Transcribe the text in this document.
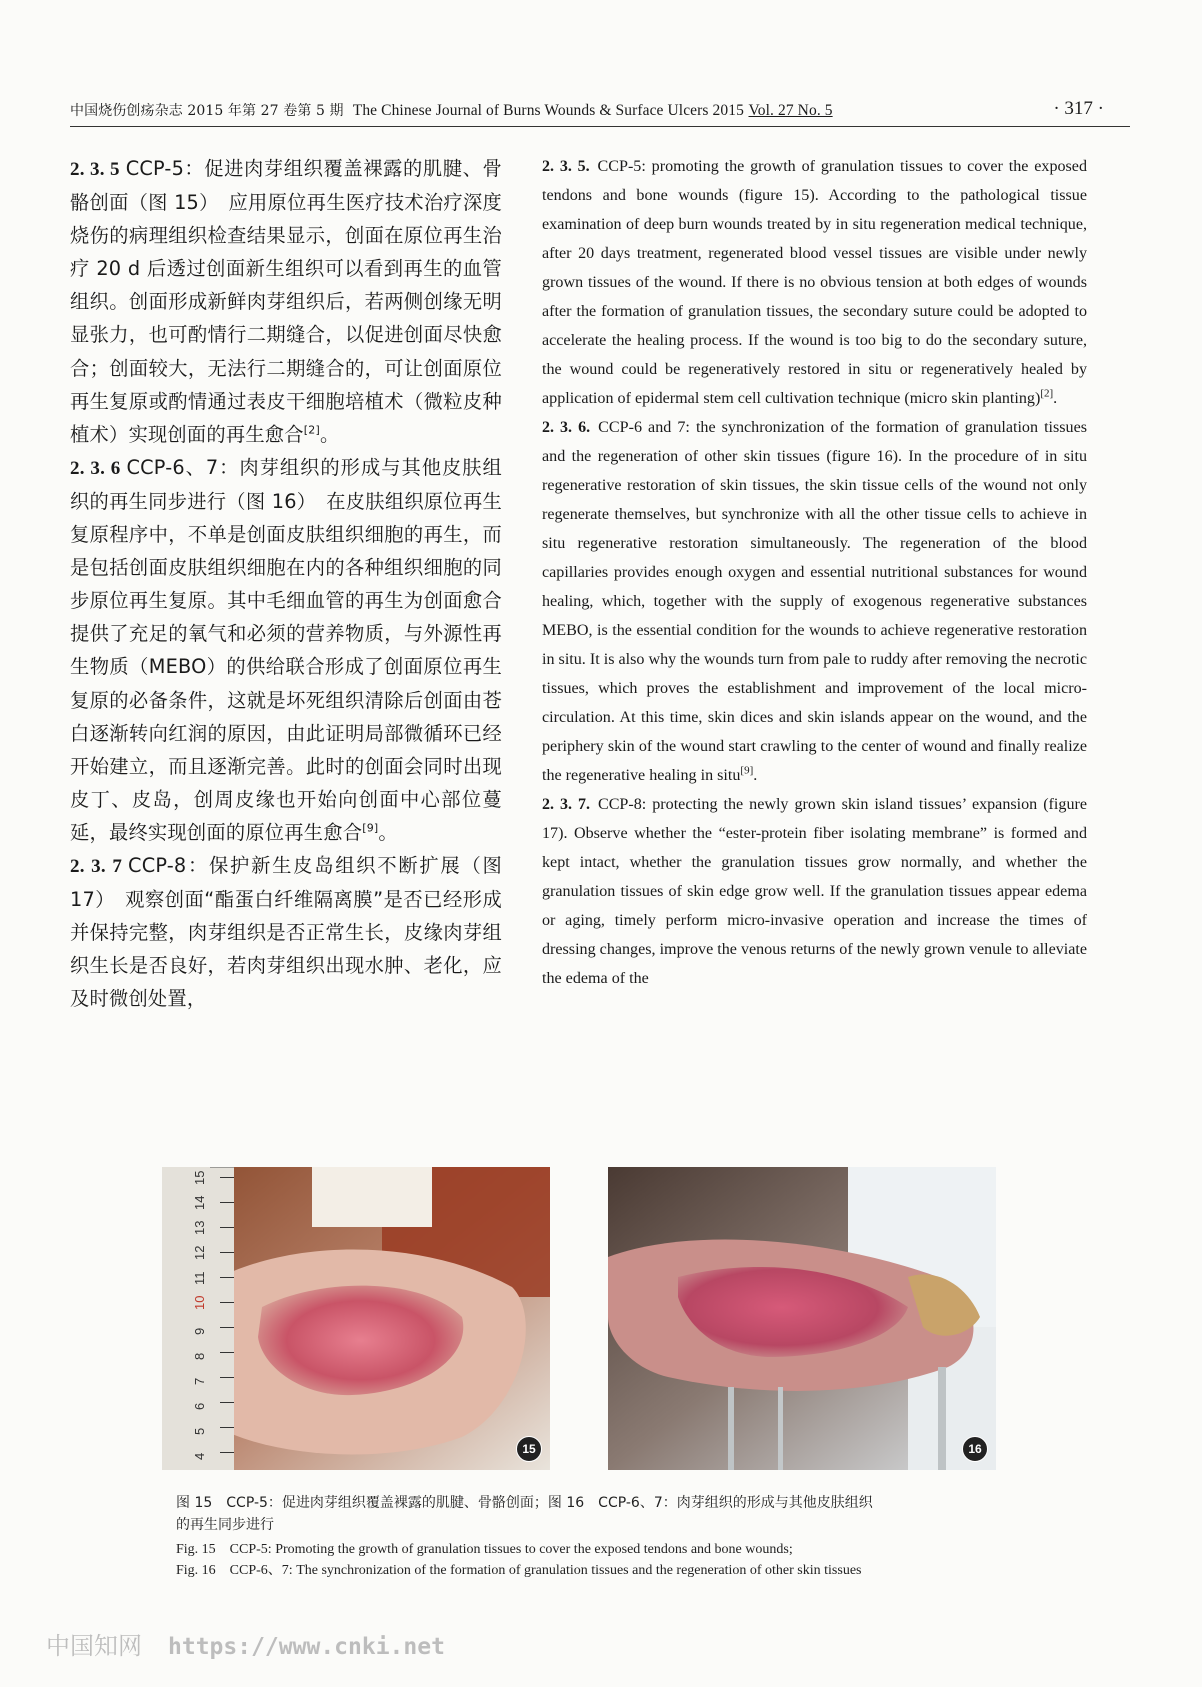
中国烧伤创疡杂志 2015 年第 27 卷第 5 期 The Chinese Journal of Burns Wounds & Surface Ulcers 2015 Vol. 27 No. 5	· 317 ·

2. 3. 5 CCP-5：促进肉芽组织覆盖裸露的肌腱、骨骼创面（图 15）　应用原位再生医疗技术治疗深度烧伤的病理组织检查结果显示，创面在原位再生治疗 20 d 后透过创面新生组织可以看到再生的血管组织。创面形成新鲜肉芽组织后，若两侧创缘无明显张力，也可酌情行二期缝合，以促进创面尽快愈合；创面较大，无法行二期缝合的，可让创面原位再生复原或酌情通过表皮干细胞培植术（微粒皮种植术）实现创面的再生愈合[2]。

2. 3. 6 CCP-6、7：肉芽组织的形成与其他皮肤组织的再生同步进行（图 16）　在皮肤组织原位再生复原程序中，不单是创面皮肤组织细胞的再生，而是包括创面皮肤组织细胞在内的各种组织细胞的同步原位再生复原。其中毛细血管的再生为创面愈合提供了充足的氧气和必须的营养物质，与外源性再生物质（MEBO）的供给联合形成了创面原位再生复原的必备条件，这就是坏死组织清除后创面由苍白逐渐转向红润的原因，由此证明局部微循环已经开始建立，而且逐渐完善。此时的创面会同时出现皮丁、皮岛，创周皮缘也开始向创面中心部位蔓延，最终实现创面的原位再生愈合[9]。

2. 3. 7 CCP-8：保护新生皮岛组织不断扩展（图 17）　观察创面“酯蛋白纤维隔离膜”是否已经形成并保持完整，肉芽组织是否正常生长，皮缘肉芽组织生长是否良好，若肉芽组织出现水肿、老化，应及时微创处置，

2. 3. 5. CCP-5: promoting the growth of granulation tissues to cover the exposed tendons and bone wounds (figure 15). According to the pathological tissue examination of deep burn wounds treated by in situ regeneration medical technique, after 20 days treatment, regenerated blood vessel tissues are visible under newly grown tissues of the wound. If there is no obvious tension at both edges of wounds after the formation of granulation tissues, the secondary suture could be adopted to accelerate the healing process. If the wound is too big to do the secondary suture, the wound could be regeneratively restored in situ or regeneratively healed by application of epidermal stem cell cultivation technique (micro skin planting)[2].

2. 3. 6. CCP-6 and 7: the synchronization of the formation of granulation tissues and the regeneration of other skin tissues (figure 16). In the procedure of in situ regenerative restoration of skin tissues, the skin tissue cells of the wound not only regenerate themselves, but synchronize with all the other tissue cells to achieve in situ regenerative restoration simultaneously. The regeneration of the blood capillaries provides enough oxygen and essential nutritional substances for wound healing, which, together with the supply of exogenous regenerative substances MEBO, is the essential condition for the wounds to achieve regenerative restoration in situ. It is also why the wounds turn from pale to ruddy after removing the necrotic tissues, which proves the establishment and improvement of the local micro-circulation. At this time, skin dices and skin islands appear on the wound, and the periphery skin of the wound start crawling to the center of wound and finally realize the regenerative healing in situ[9].

2. 3. 7. CCP-8: protecting the newly grown skin island tissues’ expansion (figure 17). Observe whether the “ester-protein fiber isolating membrane” is formed and kept intact, whether the granulation tissues grow normally, and whether the granulation tissues of skin edge grow well. If the granulation tissues appear edema or aging, timely perform micro-invasive operation and increase the times of dressing changes, improve the venous returns of the newly grown venule to alleviate the edema of the

15
14
13
12
11
10
9
8
7
6
5
4
15	16
图 15　CCP-5：促进肉芽组织覆盖裸露的肌腱、骨骼创面；图 16　CCP-6、7：肉芽组织的形成与其他皮肤组织
的再生同步进行
Fig. 15　CCP-5: Promoting the growth of granulation tissues to cover the exposed tendons and bone wounds;
Fig. 16　CCP-6、7: The synchronization of the formation of granulation tissues and the regeneration of other skin tissues
中国知网 https://www.cnki.net
